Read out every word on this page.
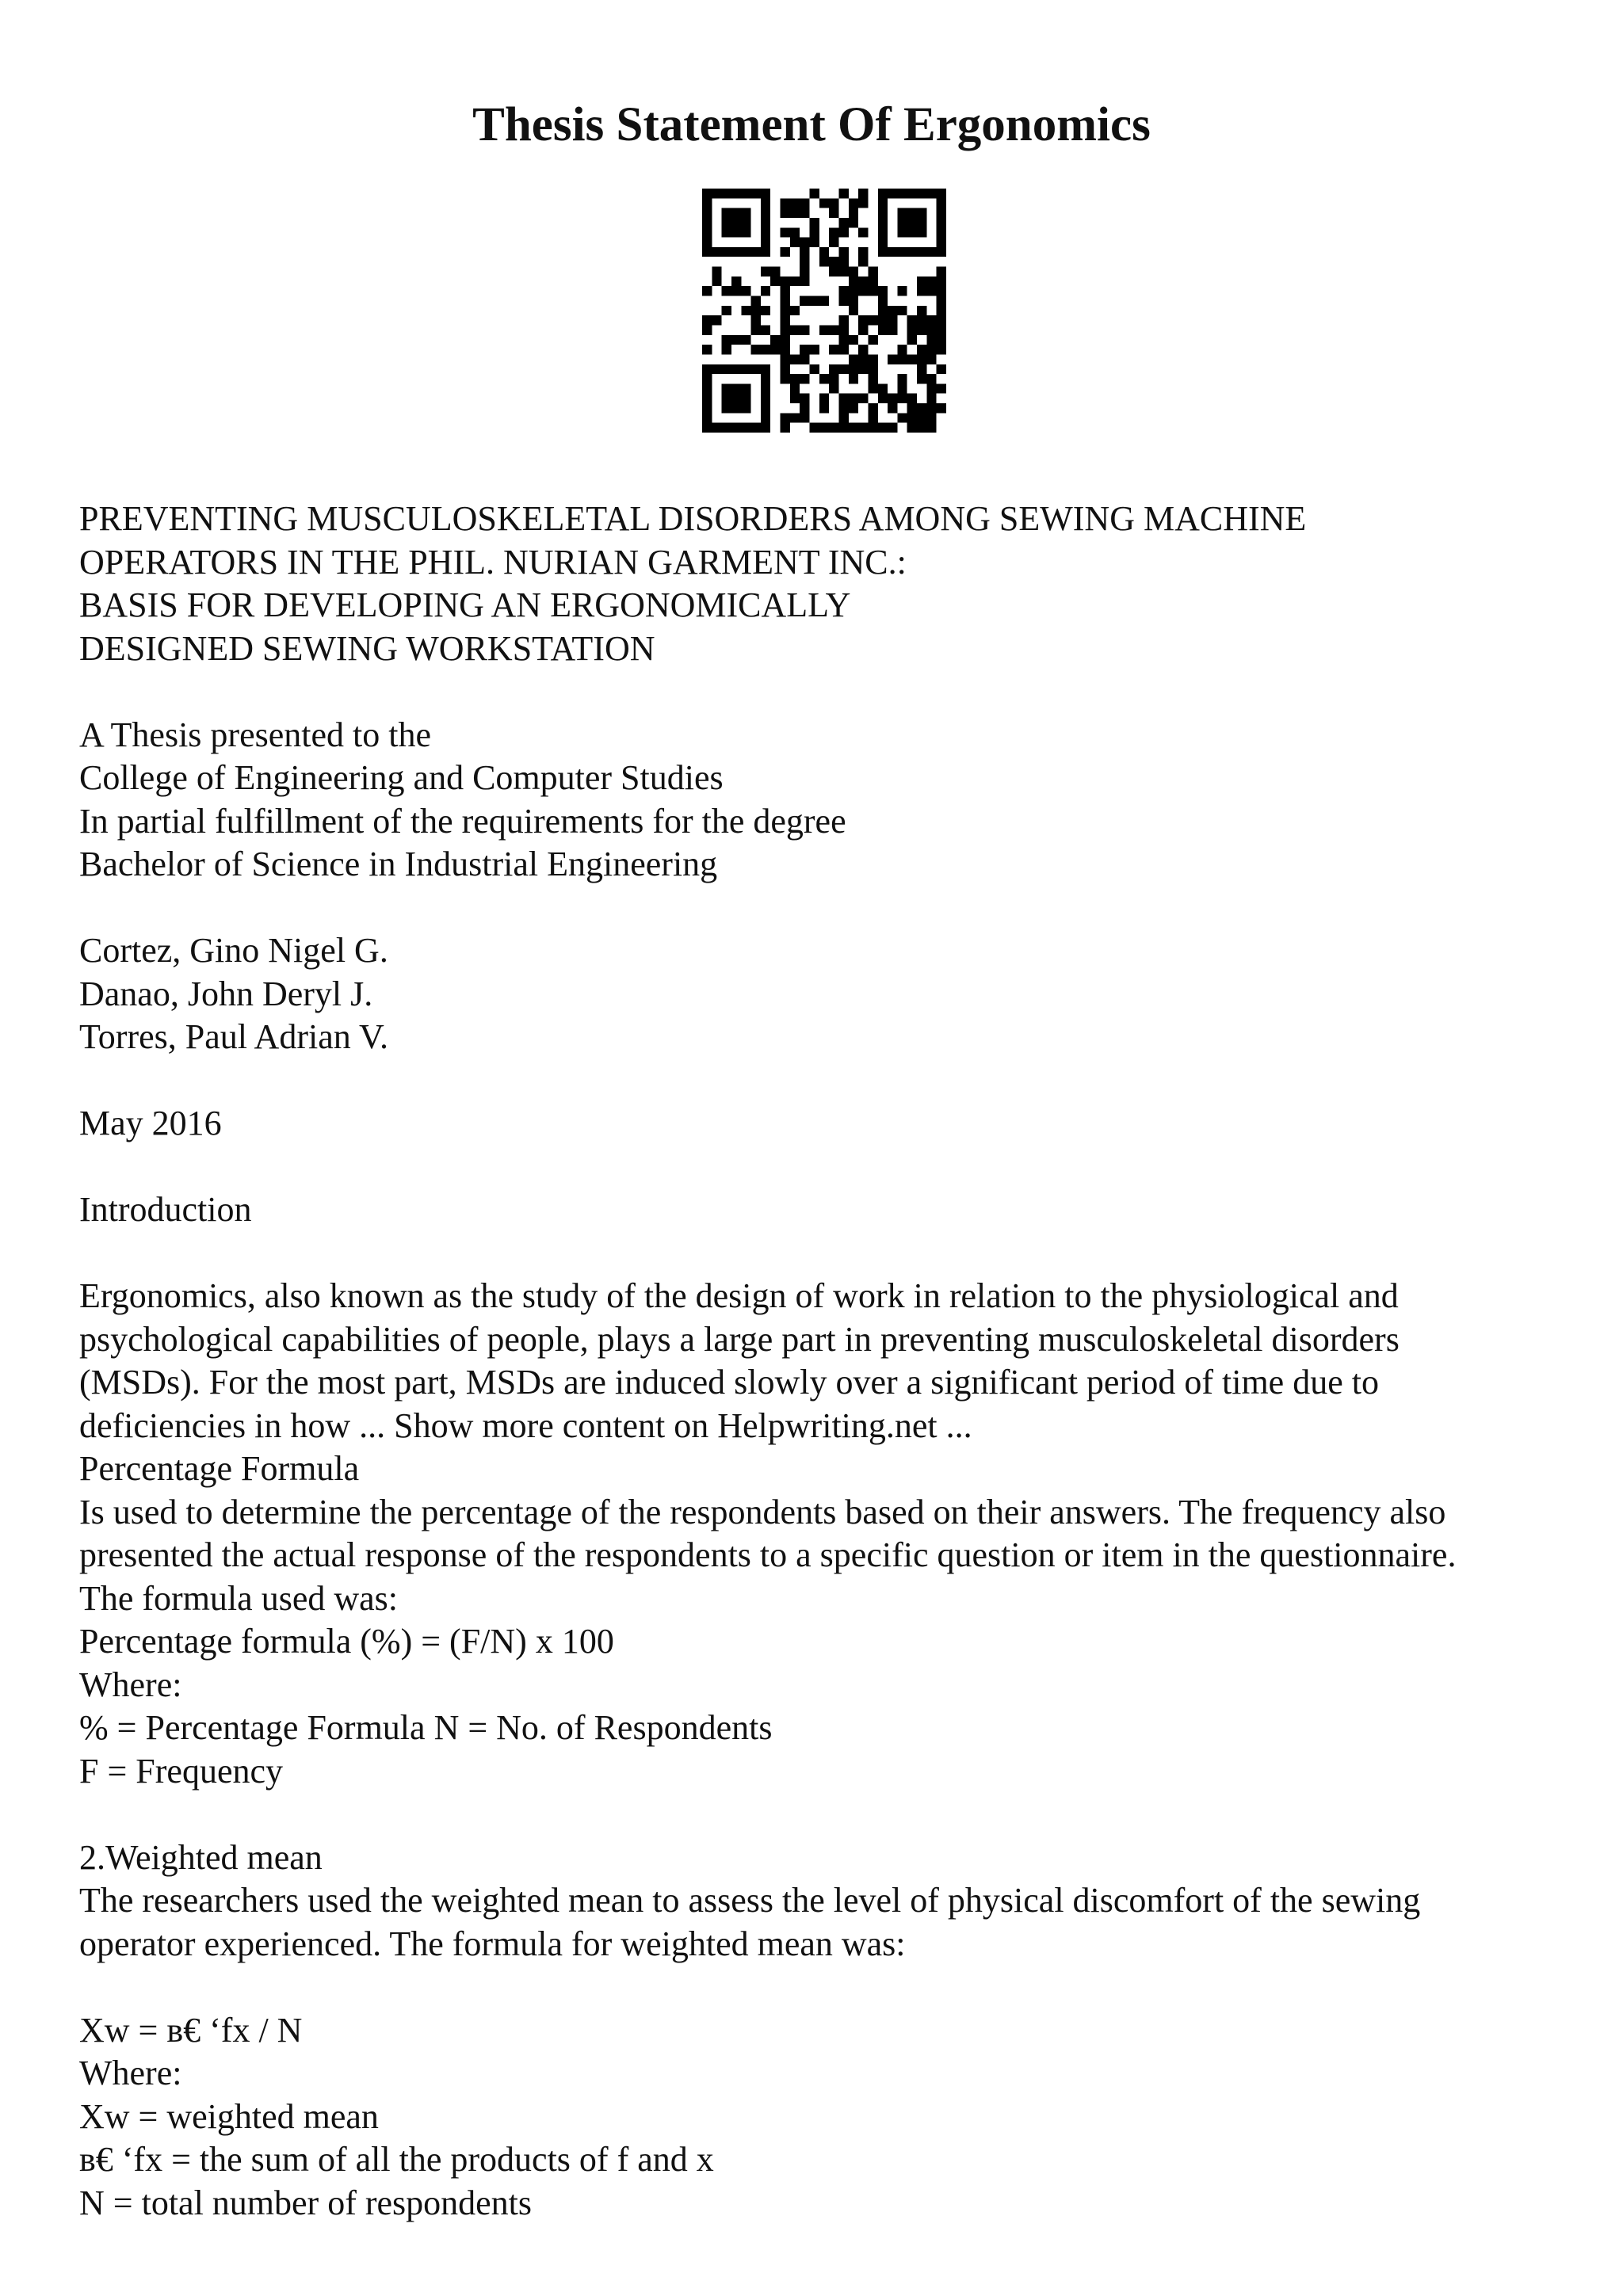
Thesis Statement Of Ergonomics
PREVENTING MUSCULOSKELETAL DISORDERS AMONG SEWING MACHINE
OPERATORS IN THE PHIL. NURIAN GARMENT INC.:
BASIS FOR DEVELOPING AN ERGONOMICALLY
DESIGNED SEWING WORKSTATION
A Thesis presented to the
College of Engineering and Computer Studies
In partial fulfillment of the requirements for the degree
Bachelor of Science in Industrial Engineering
Cortez, Gino Nigel G.
Danao, John Deryl J.
Torres, Paul Adrian V.
May 2016
Introduction
Ergonomics, also known as the study of the design of work in relation to the physiological and
psychological capabilities of people, plays a large part in preventing musculoskeletal disorders
(MSDs). For the most part, MSDs are induced slowly over a significant period of time due to
deficiencies in how ... Show more content on Helpwriting.net ...
Percentage Formula
Is used to determine the percentage of the respondents based on their answers. The frequency also
presented the actual response of the respondents to a specific question or item in the questionnaire.
The formula used was:
Percentage formula (%) = (F/N) x 100
Where:
% = Percentage Formula N = No. of Respondents
F = Frequency
2.Weighted mean
The researchers used the weighted mean to assess the level of physical discomfort of the sewing
operator experienced. The formula for weighted mean was:
Xw = в€ ‘fx / N
Where:
Xw = weighted mean
в€ ‘fx = the sum of all the products of f and x
N = total number of respondents
